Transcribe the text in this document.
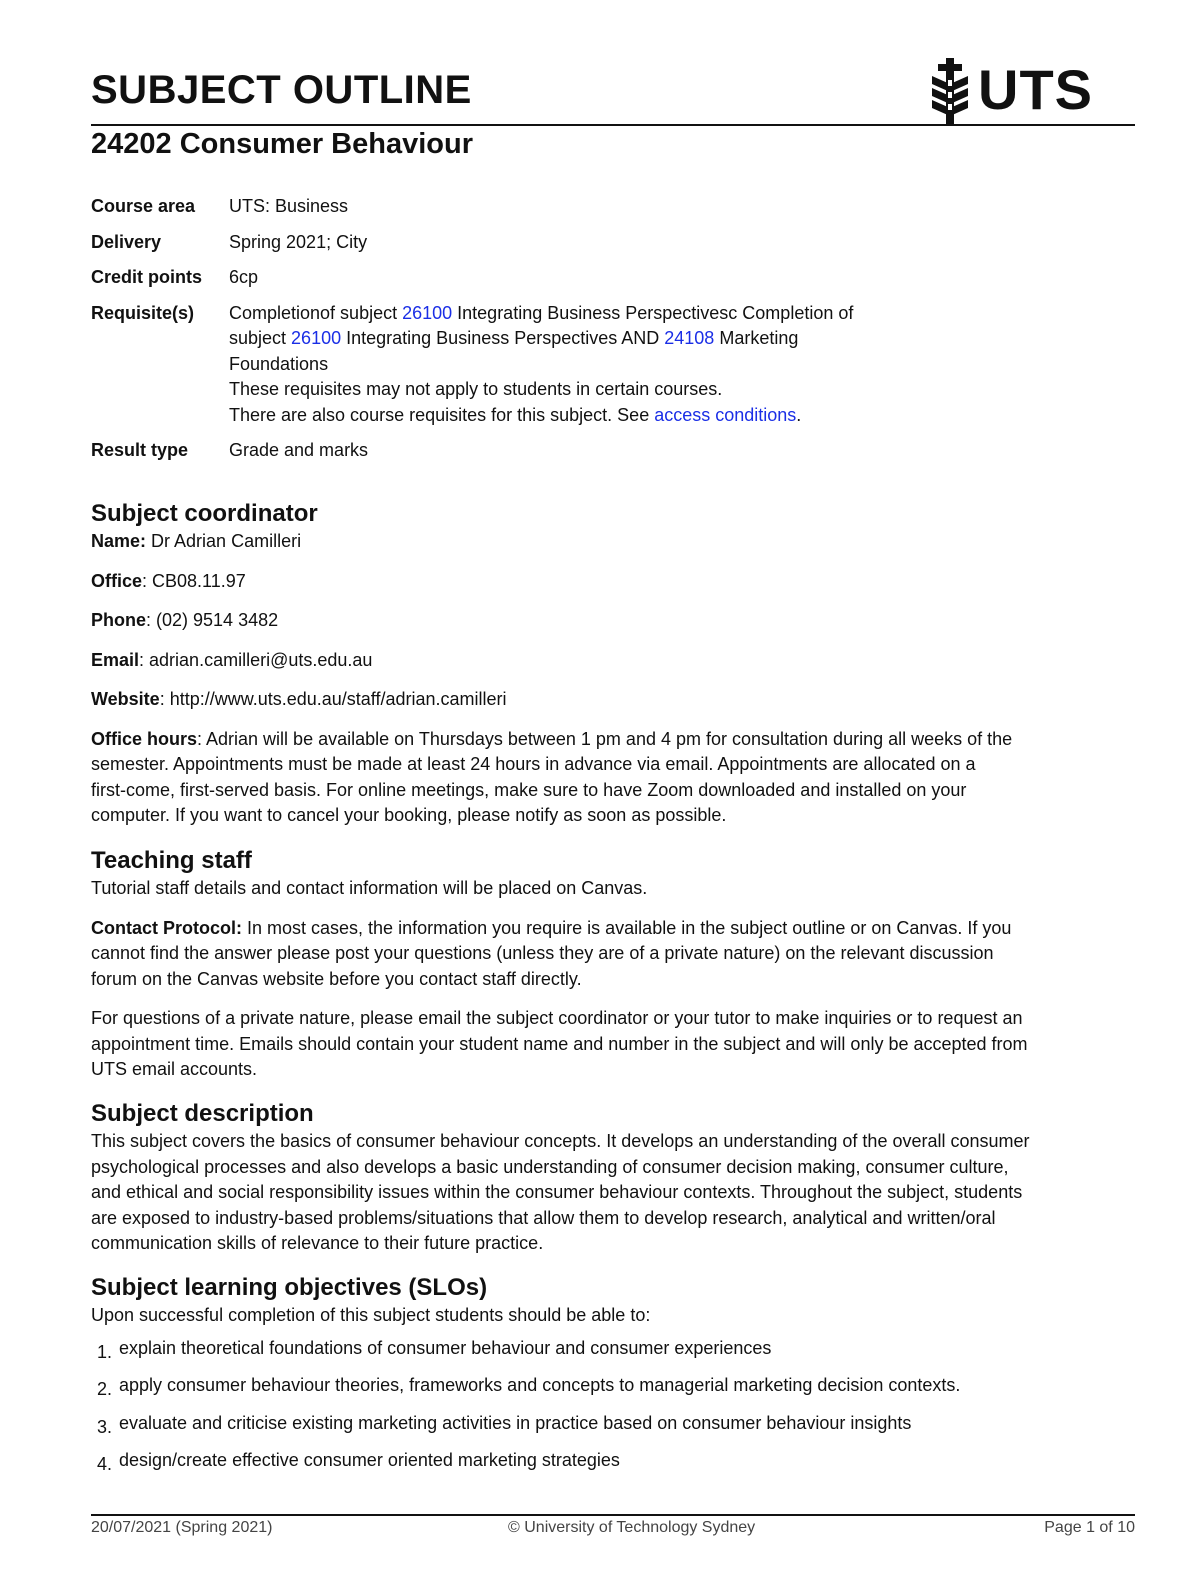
SUBJECT OUTLINE	UTS
24202 Consumer Behaviour
Course area	UTS: Business
Delivery	Spring 2021; City
Credit points	6cp
Requisite(s)	Completionof subject 26100 Integrating Business Perspectivesc Completion of
subject 26100 Integrating Business Perspectives AND 24108 Marketing
Foundations
These requisites may not apply to students in certain courses.
There are also course requisites for this subject. See access conditions.
Result type	Grade and marks
Subject coordinator

Name: Dr Adrian Camilleri

Office: CB08.11.97

Phone: (02) 9514 3482

Email: adrian.camilleri@uts.edu.au

Website: http://www.uts.edu.au/staff/adrian.camilleri

Office hours: Adrian will be available on Thursdays between 1 pm and 4 pm for consultation during all weeks of the
semester. Appointments must be made at least 24 hours in advance via email. Appointments are allocated on a
first-come, first-served basis. For online meetings, make sure to have Zoom downloaded and installed on your
computer. If you want to cancel your booking, please notify as soon as possible.

Teaching staff

Tutorial staff details and contact information will be placed on Canvas.

Contact Protocol: In most cases, the information you require is available in the subject outline or on Canvas. If you
cannot find the answer please post your questions (unless they are of a private nature) on the relevant discussion
forum on the Canvas website before you contact staff directly.

For questions of a private nature, please email the subject coordinator or your tutor to make inquiries or to request an
appointment time. Emails should contain your student name and number in the subject and will only be accepted from
UTS email accounts.

Subject description

This subject covers the basics of consumer behaviour concepts. It develops an understanding of the overall consumer
psychological processes and also develops a basic understanding of consumer decision making, consumer culture,
and ethical and social responsibility issues within the consumer behaviour contexts. Throughout the subject, students
are exposed to industry-based problems/situations that allow them to develop research, analytical and written/oral
communication skills of relevance to their future practice.

Subject learning objectives (SLOs)

Upon successful completion of this subject students should be able to:

1. explain theoretical foundations of consumer behaviour and consumer experiences
2. apply consumer behaviour theories, frameworks and concepts to managerial marketing decision contexts.
3. evaluate and criticise existing marketing activities in practice based on consumer behaviour insights
4. design/create effective consumer oriented marketing strategies
20/07/2021 (Spring 2021)	© University of Technology Sydney	Page 1 of 10
